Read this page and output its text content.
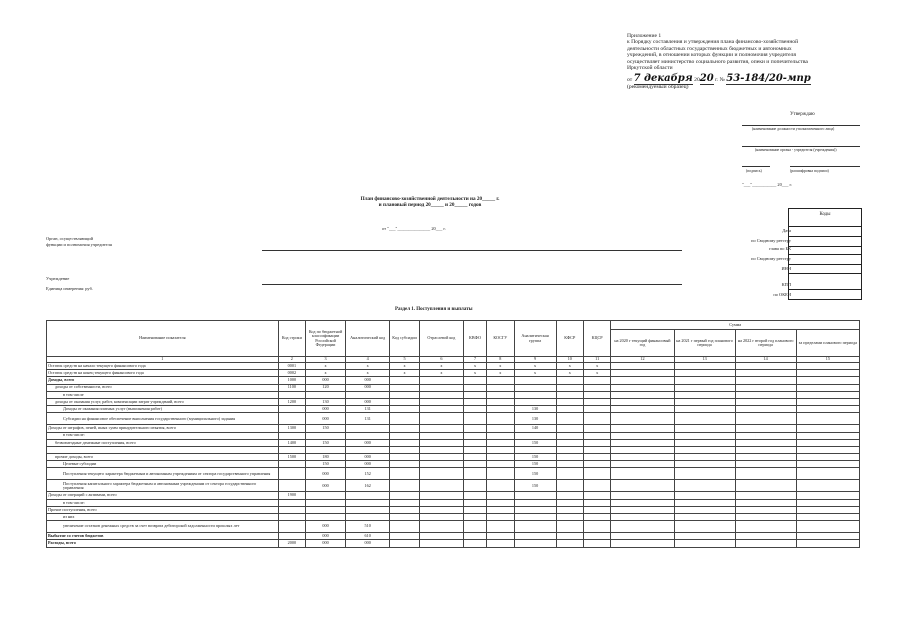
Приложение 1
к Порядку составления и утверждения плана финансово-хозяйственной
деятельности областных государственных бюджетных и автономных
учреждений, в отношении которых функции и полномочия учредителя
осуществляет министерство социального развития, опеки и попечительства
Иркутской области
от 7 декабря 2020 г. № 53-184/20-мпр
(рекомендуемый образец)
Утверждаю
(наименование должности уполномоченного лица)
(наименование органа - учредителя (учреждения))
(подпись)	(расшифровка подписи)
"___"___________ 20___ г.
План финансово-хозяйственной деятельности на 20_____ г.
и плановый период 20_____ и 20_____ годов
от "___"_______________ 20___ г.
Орган, осуществляющий
функции и полномочия учредителя
Учреждение
Единица измерения: руб.
Дата
по Сводному реестру
глава по БК
по Сводному реестру
ИНН
КПП
по ОКЕИ
Коды
Раздел 1. Поступления и выплаты
Наименование показателя	Код строки	Код по бюджетной классификации Российской Федерации	Аналитический код	Код субсидии	Отраслевой код	КВФО	КОСГУ	Аналитическая группа	КФСР	КЦСР	Сумма			
											на 2020 г текущий финансовый год	на 2021 г первый год планового периода	на 2022 г второй год планового периода	за пределами планового периода
1	2	3	4	5	6	7	8	9	10	11	12	13	14	15
Остаток средств на начало текущего финансового года	0001	х	х	х	х	х	х	х	х	х				
Остаток средств на конец текущего финансового года	0002	х	х	х	х	х	х	х	х	х				
Доходы, всего	1000	000	000											
доходы от собственности, всего	1100	120	000											
в том числе														
доходы от оказания услуг, работ, компенсации затрат учреждений, всего	1200	130	000											
Доходы от оказания платных услуг (выполнения работ)		000	131					130						
Субсидии на финансовое обеспечение выполнения государственного (муниципального) задания		000	131					130						
Доходы от штрафов, пеней, иных сумм принудительного изъятия, всего	1300	150						140						
в том числе:														
безвозмездные денежные поступления, всего	1400	150	000					150						

прочие доходы, всего	1500	180	000					150						
Целевые субсидии		150	000					150						
Поступления текущего характера бюджетным и автономным учреждениям от сектора государственного управления		000	152					150						
Поступления капитального характера бюджетным и автономным учреждениям от сектора государственного управления		000	162					150						
Доходы от операций с активами, всего	1900													
в том числе:														
Прочие поступления, всего														
из них														
увеличение остатков денежных средств за счет возврата дебиторской задолженности прошлых лет		000	510											
Выбытие со счетов бюджетов		000	610											
Расходы, всего	2000	000	000											
